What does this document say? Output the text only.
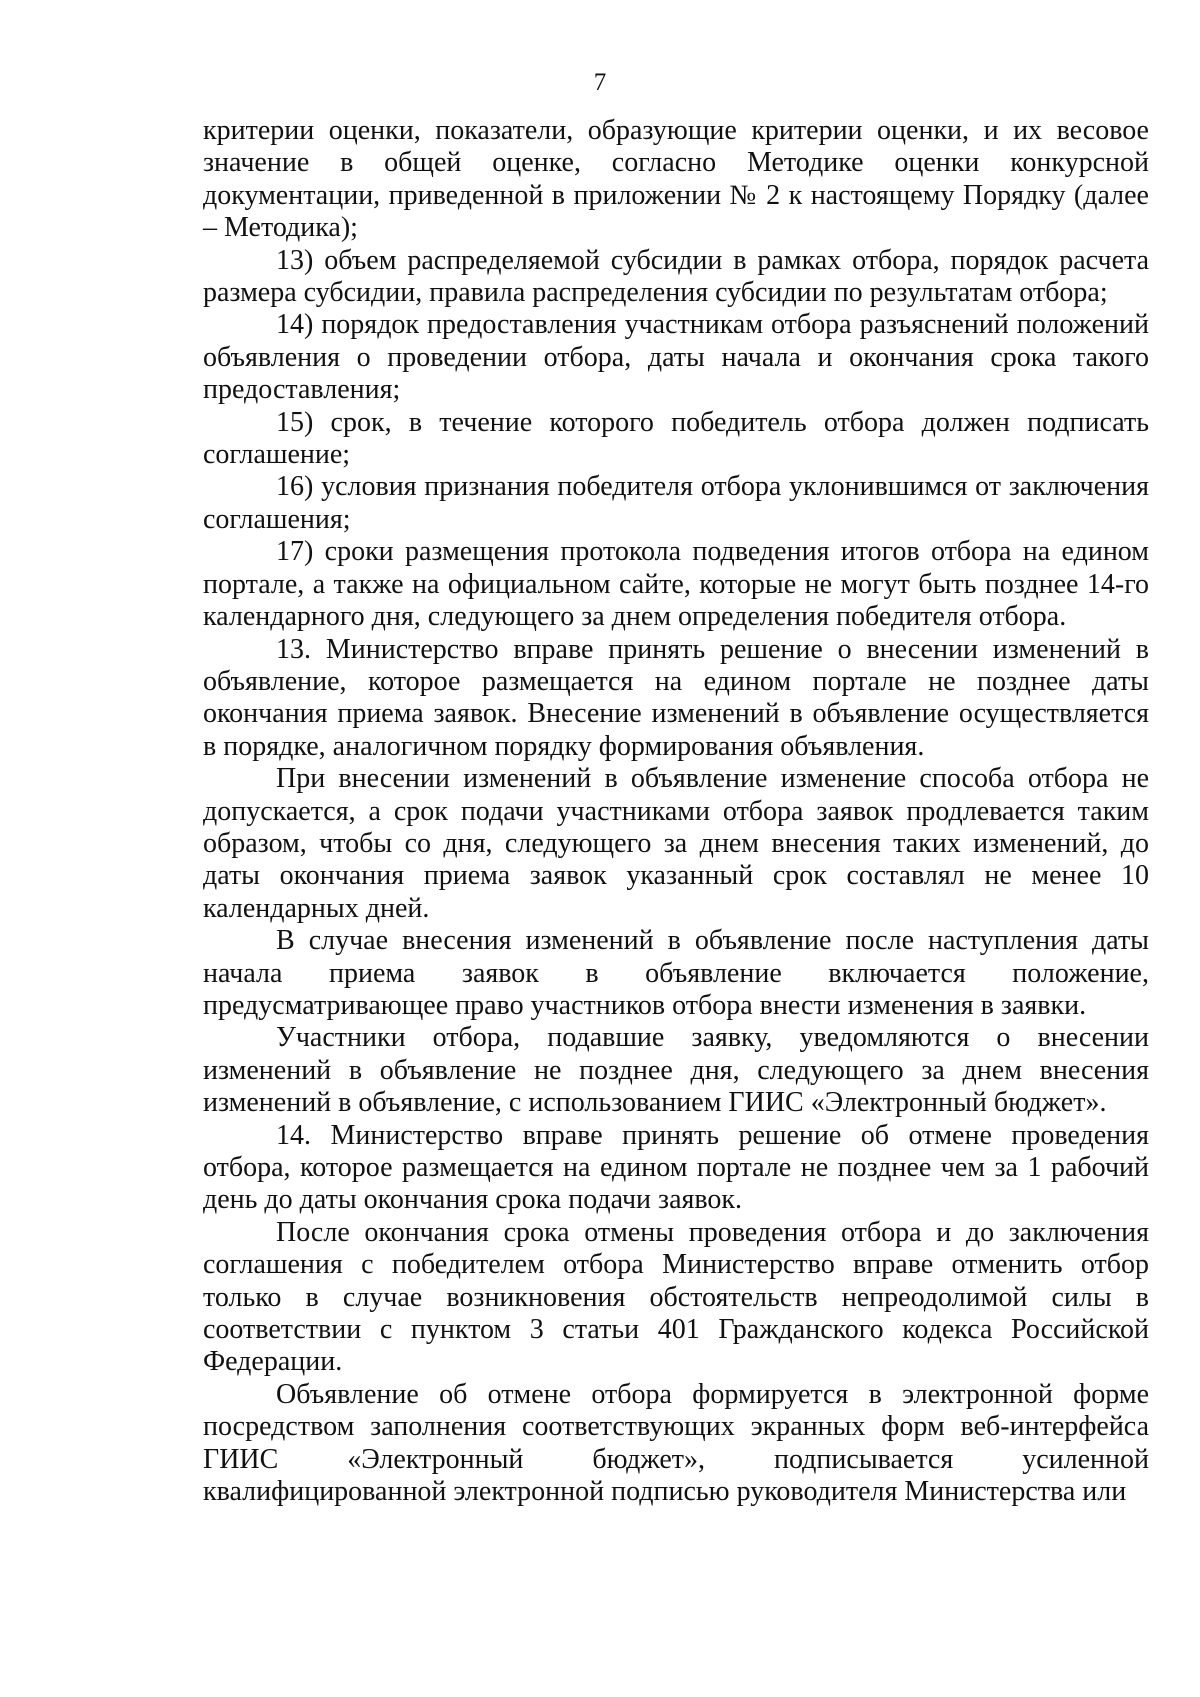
7

критерии оценки, показатели, образующие критерии оценки, и их весовое значение в общей оценке, согласно Методике оценки конкурсной документации, приведенной в приложении № 2 к настоящему Порядку (далее – Методика);

13) объем распределяемой субсидии в рамках отбора, порядок расчета размера субсидии, правила распределения субсидии по результатам отбора;

14) порядок предоставления участникам отбора разъяснений положений объявления о проведении отбора, даты начала и окончания срока такого предоставления;

15) срок, в течение которого победитель отбора должен подписать соглашение;

16) условия признания победителя отбора уклонившимся от заключения соглашения;

17) сроки размещения протокола подведения итогов отбора на едином портале, а также на официальном сайте, которые не могут быть позднее 14-го календарного дня, следующего за днем определения победителя отбора.

13. Министерство вправе принять решение о внесении изменений в объявление, которое размещается на едином портале не позднее даты окончания приема заявок. Внесение изменений в объявление осуществляется в порядке, аналогичном порядку формирования объявления.

При внесении изменений в объявление изменение способа отбора не допускается, а срок подачи участниками отбора заявок продлевается таким образом, чтобы со дня, следующего за днем внесения таких изменений, до даты окончания приема заявок указанный срок составлял не менее 10 календарных дней.

В случае внесения изменений в объявление после наступления даты начала приема заявок в объявление включается положение, предусматривающее право участников отбора внести изменения в заявки.

Участники отбора, подавшие заявку, уведомляются о внесении изменений в объявление не позднее дня, следующего за днем внесения изменений в объявление, с использованием ГИИС «Электронный бюджет».

14. Министерство вправе принять решение об отмене проведения отбора, которое размещается на едином портале не позднее чем за 1 рабочий день до даты окончания срока подачи заявок.

После окончания срока отмены проведения отбора и до заключения соглашения с победителем отбора Министерство вправе отменить отбор только в случае возникновения обстоятельств непреодолимой силы в соответствии с пунктом 3 статьи 401 Гражданского кодекса Российской Федерации.

Объявление об отмене отбора формируется в электронной форме посредством заполнения соответствующих экранных форм веб-интерфейса ГИИС «Электронный бюджет», подписывается усиленной квалифицированной электронной подписью руководителя Министерства или
